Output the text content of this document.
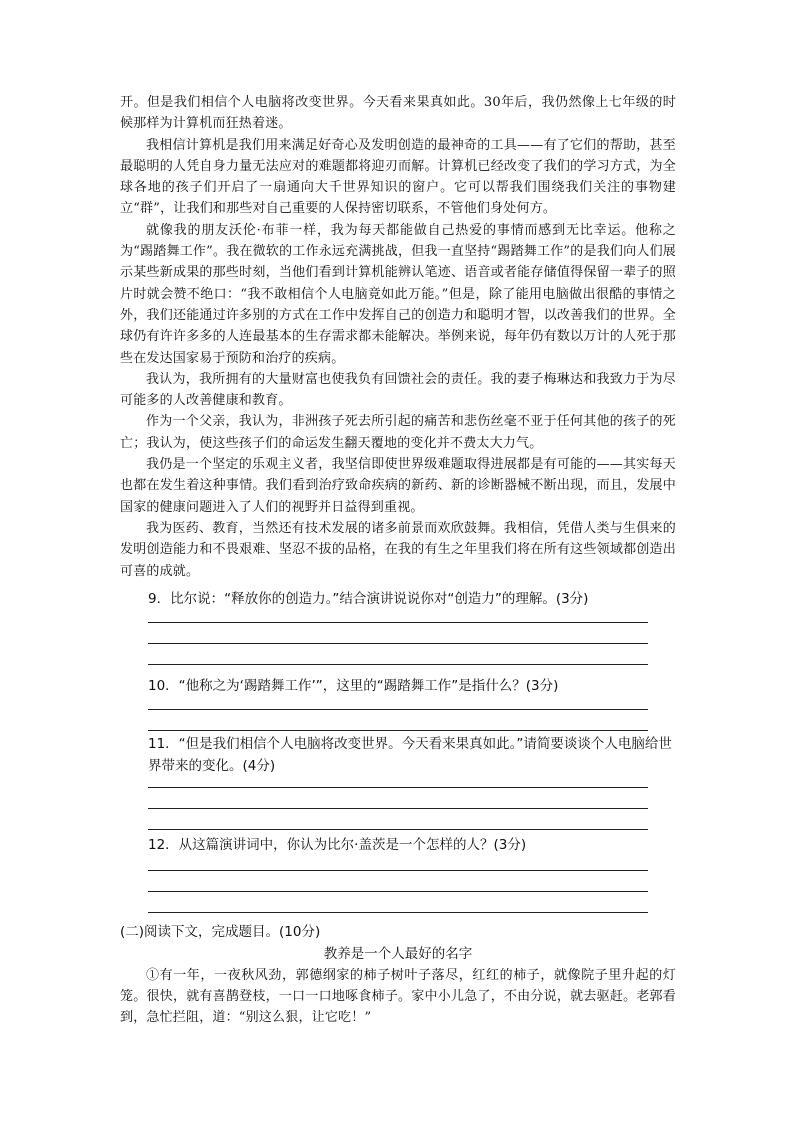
开。但是我们相信个人电脑将改变世界。今天看来果真如此。30年后，我仍然像上七年级的时候那样为计算机而狂热着迷。

我相信计算机是我们用来满足好奇心及发明创造的最神奇的工具——有了它们的帮助，甚至最聪明的人凭自身力量无法应对的难题都将迎刃而解。计算机已经改变了我们的学习方式，为全球各地的孩子们开启了一扇通向大千世界知识的窗户。它可以帮我们围绕我们关注的事物建立“群”，让我们和那些对自己重要的人保持密切联系，不管他们身处何方。

就像我的朋友沃伦·布菲一样，我为每天都能做自己热爱的事情而感到无比幸运。他称之为“踢踏舞工作”。我在微软的工作永远充满挑战，但我一直坚持“踢踏舞工作”的是我们向人们展示某些新成果的那些时刻，当他们看到计算机能辨认笔迹、语音或者能存储值得保留一辈子的照片时就会赞不绝口：“我不敢相信个人电脑竟如此万能。”但是，除了能用电脑做出很酷的事情之外，我们还能通过许多别的方式在工作中发挥自己的创造力和聪明才智，以改善我们的世界。全球仍有许许多多的人连最基本的生存需求都未能解决。举例来说，每年仍有数以万计的人死于那些在发达国家易于预防和治疗的疾病。

我认为，我所拥有的大量财富也使我负有回馈社会的责任。我的妻子梅琳达和我致力于为尽可能多的人改善健康和教育。

作为一个父亲，我认为，非洲孩子死去所引起的痛苦和悲伤丝毫不亚于任何其他的孩子的死亡；我认为，使这些孩子们的命运发生翻天覆地的变化并不费太大力气。

我仍是一个坚定的乐观主义者，我坚信即使世界级难题取得进展都是有可能的——其实每天也都在发生着这种事情。我们看到治疗致命疾病的新药、新的诊断器械不断出现，而且，发展中国家的健康问题进入了人们的视野并日益得到重视。

我为医药、教育，当然还有技术发展的诸多前景而欢欣鼓舞。我相信，凭借人类与生俱来的发明创造能力和不畏艰难、坚忍不拔的品格，在我的有生之年里我们将在所有这些领域都创造出可喜的成就。

9．比尔说：“释放你的创造力。”结合演讲说说你对“创造力”的理解。(3分)

10．“他称之为‘踢踏舞工作’”，这里的“踢踏舞工作”是指什么？(3分)

11．“但是我们相信个人电脑将改变世界。今天看来果真如此。”请简要谈谈个人电脑给世界带来的变化。(4分)

12．从这篇演讲词中，你认为比尔·盖茨是一个怎样的人？(3分)

(二)阅读下文，完成题目。(10分)

教养是一个人最好的名字

①有一年，一夜秋风劲，郭德纲家的柿子树叶子落尽，红红的柿子，就像院子里升起的灯笼。很快，就有喜鹊登枝，一口一口地啄食柿子。家中小儿急了，不由分说，就去驱赶。老郭看到，急忙拦阻，道：“别这么狠，让它吃！”
